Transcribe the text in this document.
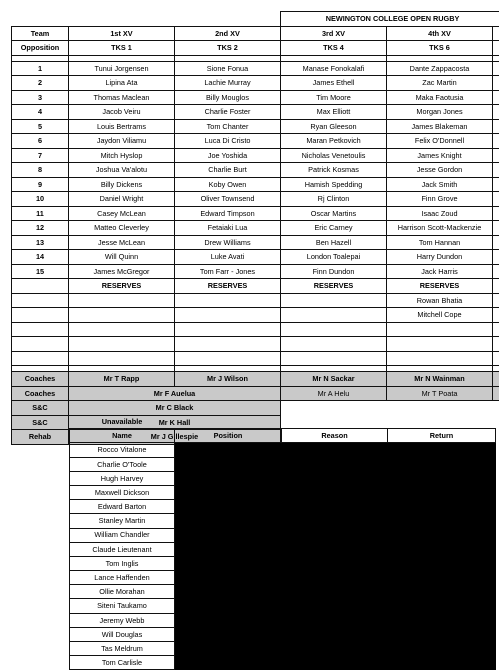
			NEWINGTON COLLEGE OPEN RUGBY		
Team	1st XV	2nd XV	3rd XV	4th XV	
Opposition	TKS 1	TKS 2	TKS 4	TKS 6	

1	Tunui Jorgensen	Sione Fonua	Manase Fonokalafi	Dante Zappacosta	
2	Lipina Ata	Lachie Murray	James Ethell	Zac Martin	
3	Thomas Maclean	Billy Mouglos	Tim Moore	Maka Faotusia	
4	Jacob Veiru	Charlie Foster	Max Elliott	Morgan Jones	
5	Louis Bertrams	Tom Chanter	Ryan Gleeson	James Blakeman	
6	Jaydon Viliamu	Luca Di Cristo	Maran Petkovich	Felix O'Donnell	
7	Mitch Hyslop	Joe Yoshida	Nicholas Venetoulis	James Knight	
8	Joshua Va'alotu	Charlie Burt	Patrick Kosmas	Jesse Gordon	
9	Billy Dickens	Koby Owen	Hamish Spedding	Jack Smith	
10	Daniel Wright	Oliver Townsend	Rj Clinton	Finn Grove	
11	Casey McLean	Edward Timpson	Oscar Martins	Isaac Zoud	
12	Matteo Cleverley	Fetaiaki Lua	Eric Carney	Harrison Scott-Mackenzie	
13	Jesse McLean	Drew Williams	Ben Hazell	Tom Hannan	
14	Will Quinn	Luke Avati	London Toalepai	Harry Dundon	
15	James McGregor	Tom Farr - Jones	Finn Dundon	Jack Harris	
	RESERVES	RESERVES	RESERVES	RESERVES	
				Rowan Bhatia	
				Mitchell Cope	

Coaches	Mr T Rapp	Mr J Wilson	Mr N Sackar	Mr N Wainman	
Coaches	Mr F Auelua		Mr A Helu	Mr T Poata	
S&C	Mr C Black				
S&C	Mr K Hall				
Rehab	Mr J Gillespie				
Unavailable			
Name	Position	Reason	Return
Rocco Vitalone			
Charlie O'Toole			
Hugh Harvey			
Maxwell Dickson			
Edward Barton			
Stanley Martin			
William Chandler			
Claude Lieutenant			
Tom Inglis			
Lance Haffenden			
Ollie Morahan			
Siteni Taukamo			
Jeremy Webb			
Will Douglas			
Tas Meldrum			
Tom Carlisle			
